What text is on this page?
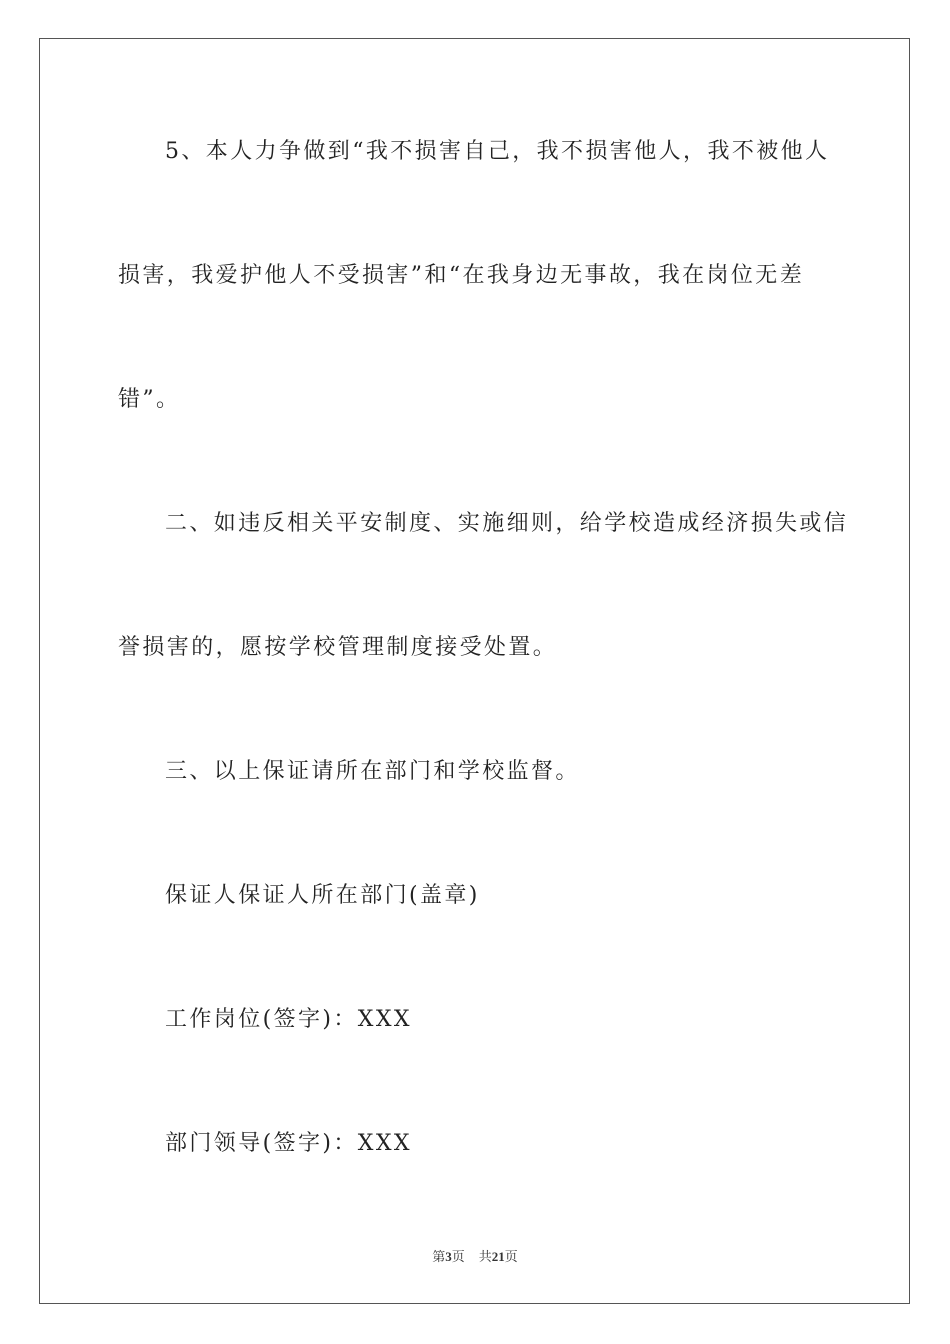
5、本人力争做到“我不损害自己，我不损害他人，我不被他人
损害，我爱护他人不受损害”和“在我身边无事故，我在岗位无差
错”。
二、如违反相关平安制度、实施细则，给学校造成经济损失或信
誉损害的，愿按学校管理制度接受处置。
三、以上保证请所在部门和学校监督。
保证人保证人所在部门(盖章)
工作岗位(签字)：XXX
部门领导(签字)：XXX
第3页 共21页
